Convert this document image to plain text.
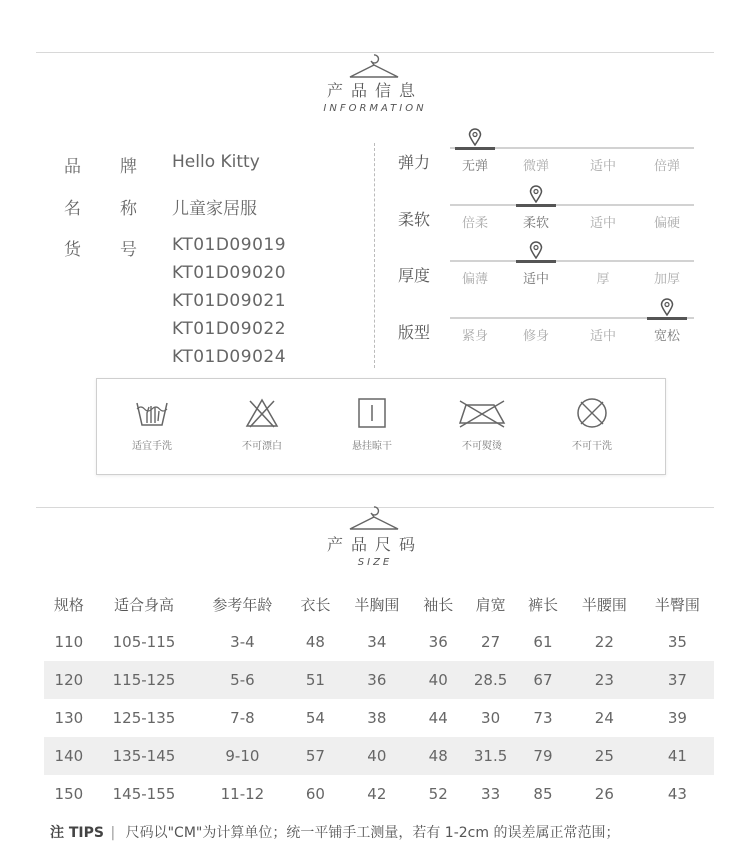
产品信息
INFORMATION
品	牌	Hello Kitty
名	称	儿童家居服
货	号	KT01D09019
KT01D09020
KT01D09021
KT01D09022
KT01D09024
弹力	无弹	微弹	适中	倍弹
柔软	倍柔	柔软	适中	偏硬
厚度	偏薄	适中	厚	加厚
版型	紧身	修身	适中	宽松
适宜手洗	不可漂白	悬挂晾干	不可熨烫	不可干洗
产品尺码
SIZE
规格	适合身高	参考年龄	衣长	半胸围	袖长	肩宽	裤长	半腰围	半臀围
110	105-115	3-4	48	34	36	27	61	22	35
120	115-125	5-6	51	36	40	28.5	67	23	37
130	125-135	7-8	54	38	44	30	73	24	39
140	135-145	9-10	57	40	48	31.5	79	25	41
150	145-155	11-12	60	42	52	33	85	26	43
注 TIPS | 尺码以"CM"为计算单位；统一平铺手工测量，若有 1-2cm 的误差属正常范围；
